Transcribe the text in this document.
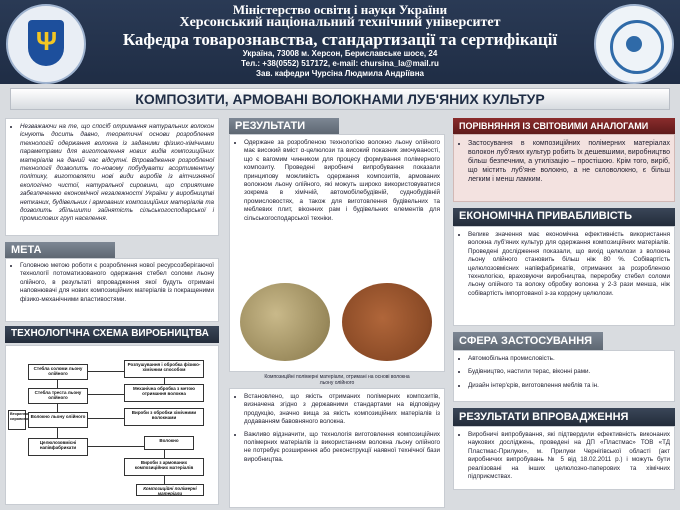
Ψ
Міністерство освіти і науки України
Херсонський національний технічний університет
Кафедра товарознавства, стандартизації та сертифікації
Україна, 73008 м. Херсон, Бериславське шосе, 24
Тел.: +38(0552) 517172, e-mail: chursina_la@mail.ru
Зав. кафедри Чурсіна Людмила Андріївна
КОМПОЗИТИ, АРМОВАНІ ВОЛОКНАМИ ЛУБ'ЯНИХ КУЛЬТУР
• Незважаючи на те, що спосіб отримання натуральних волокон існують досить давно, теоретичні основи розроблення технологій одержання волокна із заданими фізико-хімічними параметрами для виготовлення нових видів композиційних матеріалів на даний час відсутні. Впровадження розробленої технології дозволить по-новому побудувати асортиментну політику, виготовляти нові види виробів із вітчизняної екологічно чистої, натуральної сировини, що сприятиме забезпеченню економічної незалежності України у виробництві нетканих, будівельних і армованих композиційних матеріалів та дозволить збільшити зайнятість сільськогосподарської і промислових груп населення.
МЕТА
• Головною метою роботи є розроблення нової ресурсозберігаючої технології потоматизованого одержання стебел соломи льону олійного, в результаті впровадження якої будуть отримані наповнювачі для нових композиційних матеріалів із покращеними фізико-механічними властивостями.
ТЕХНОЛОГІЧНА СХЕМА ВИРОБНИЦТВА
Стебла соломи льону олійного
Стебла треста льону олійного
Волокно льону олійного
Вторинна сировина
Целюлозовмісні напівфабрикати
Розпушування і обробка фізико-хімічним способом
Механічна обробка з метою отримання волокна
Вироби з обробки хімічними волокнами
Волокно
Вироби з армованих композиційних матеріалів
Композиційні полімерні матеріали
РЕЗУЛЬТАТИ
• Одержане за розробленою технологією волокно льону олійного має високий вміст α-целюлози та високий показник змочуваності, що є вагомим чинником для процесу формування полімерного композиту. Проведені виробничі випробування показали принципову можливість одержання композитів, армованих волокном льону олійного, які можуть широко використовуватися зокрема в хімічній, автомобілебудівній, суднобудівній промисловостях, а також для виготовлення будівельних та меблевих плит, віконних рам і будівельних елементів для сільськогосподарської техніки.
Композиційні полімерні матеріали, отримані на основі волокна льону олійного
• Встановлено, що якість отриманих полімерних композитів, визначена згідно з державними стандартами на відповідну продукцію, значно вища за якість композиційних матеріалів із додаванням бавовняного волокна.
• Важливо відзначити, що технологія виготовлення композиційних полімерних матеріалів із використанням волокна льону олійного не потребує розширення або реконструкції наявної технічної бази виробництва.
ПОРІВНЯННЯ ІЗ СВІТОВИМИ АНАЛОГАМИ
• Застосування в композиційних полімерних матеріалах волокон луб'яних культур робить їх дешевшими, виробництво більш безпечним, а утилізацію – простішою. Крім того, виріб, що містить луб'яне волокно, а не скловолокно, є більш легким і менш ламким.
ЕКОНОМІЧНА ПРИВАБЛИВІСТЬ
• Велике значення має економічна ефективність використання волокна луб'яних культур для одержання композиційних матеріалів. Проведені дослідження показали, що вихід целюлози з волокна льону олійного становить більш ніж 80 %. Собівартість целюлозовмісних напівфабрикатів, отриманих за розробленою технологією, враховуючи виробництва, переробку стебел соломи льону олійного та волоку обробку волокна у 2-3 рази менша, ніж собівартість імпортованої з-за кордону целюлози.
СФЕРА ЗАСТОСУВАННЯ
• Автомобільна промисловість.
• Будівництво, настили терас, віконні рами.
• Дизайн інтер'єрів, виготовлення меблів та ін.
РЕЗУЛЬТАТИ ВПРОВАДЖЕННЯ
• Виробничі випробування, які підтвердили ефективність виконаних наукових досліджень, проведені на ДП «Пластмас» ТОВ «ТД Пластмас-Прилуки», м. Прилуки Чернігівської області (акт виробничих випробувань № 5 від 18.02.2011 р.) і можуть бути реалізовані на інших целюлозно-паперових та хімічних підприємствах.
